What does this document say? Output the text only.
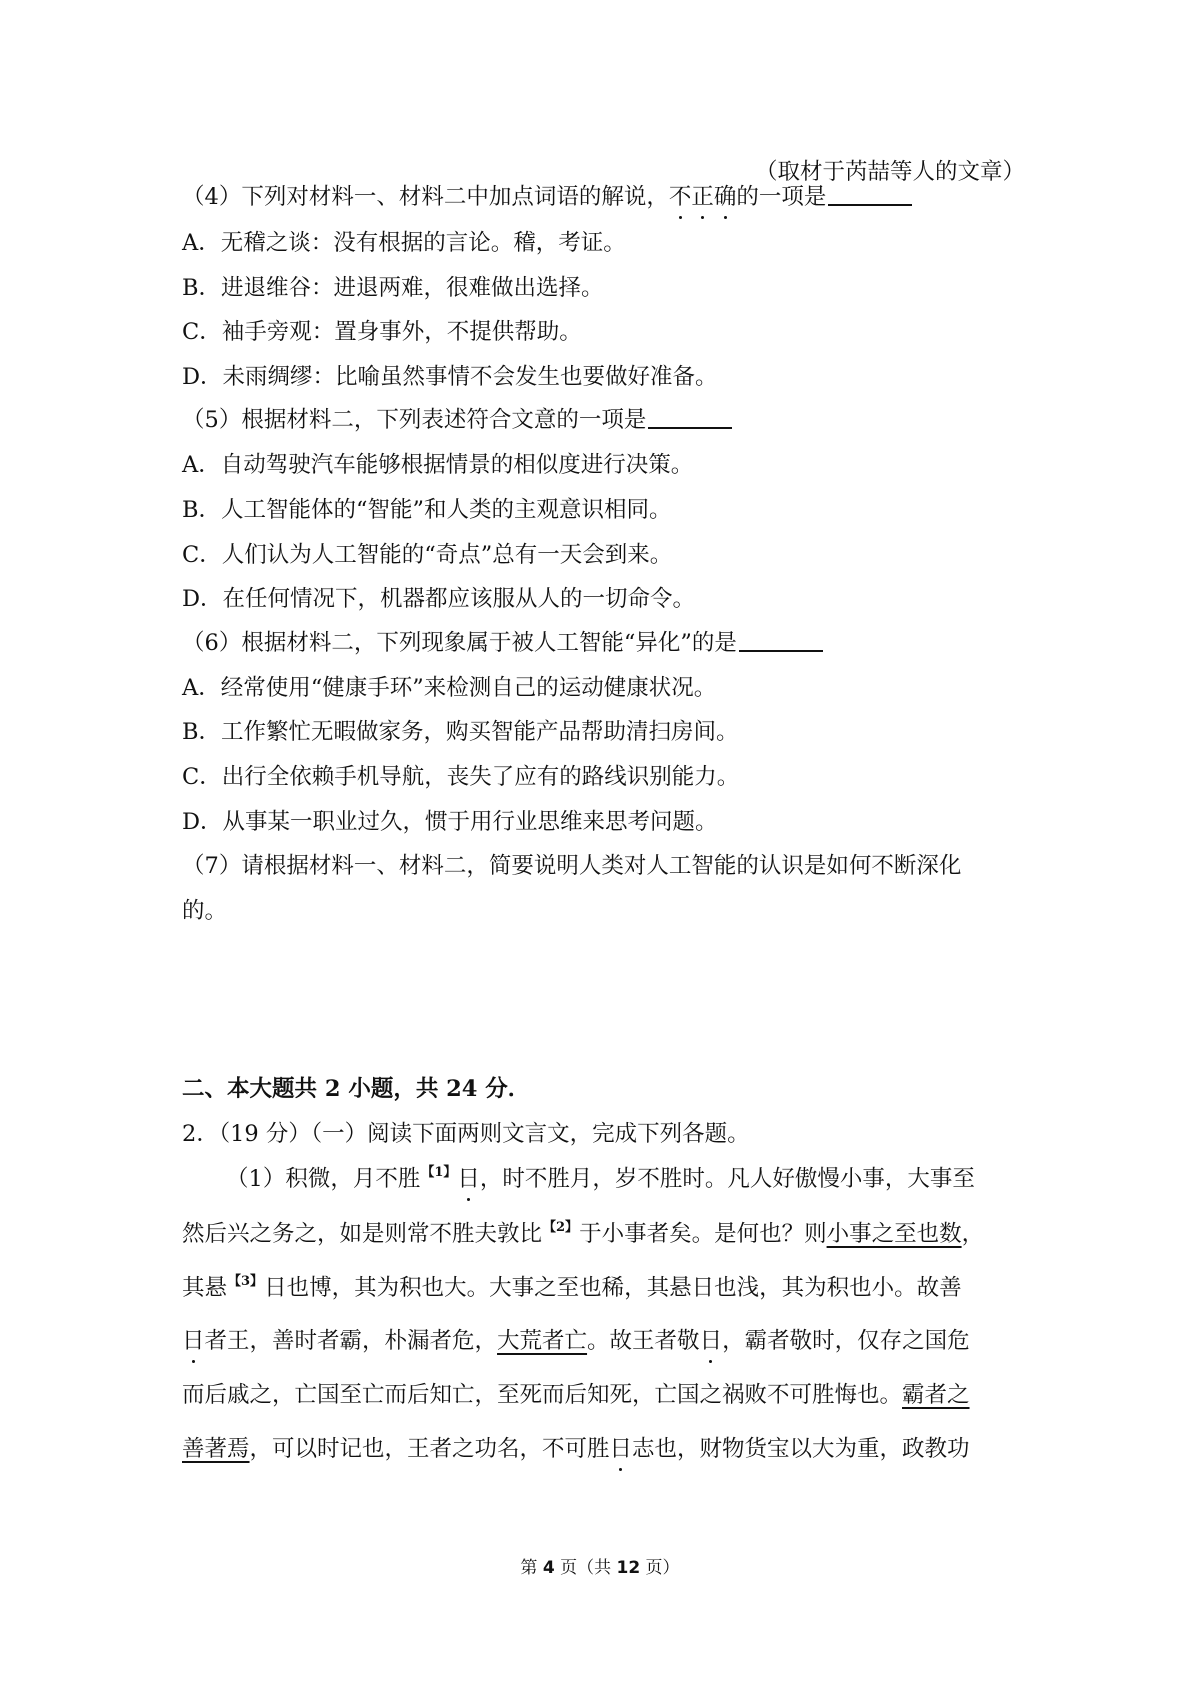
（取材于芮喆等人的文章）
（4）下列对材料一、材料二中加点词语的解说，不正确的一项是
A．无稽之谈：没有根据的言论。稽，考证。
B．进退维谷：进退两难，很难做出选择。
C．袖手旁观：置身事外，不提供帮助。
D．未雨绸缪：比喻虽然事情不会发生也要做好准备。
（5）根据材料二，下列表述符合文意的一项是
A．自动驾驶汽车能够根据情景的相似度进行决策。
B．人工智能体的“智能”和人类的主观意识相同。
C．人们认为人工智能的“奇点”总有一天会到来。
D．在任何情况下，机器都应该服从人的一切命令。
（6）根据材料二，下列现象属于被人工智能“异化”的是
A．经常使用“健康手环”来检测自己的运动健康状况。
B．工作繁忙无暇做家务，购买智能产品帮助清扫房间。
C．出行全依赖手机导航，丧失了应有的路线识别能力。
D．从事某一职业过久，惯于用行业思维来思考问题。
（7）请根据材料一、材料二，简要说明人类对人工智能的认识是如何不断深化
的。
二、本大题共 2 小题，共 24 分．
2．（19 分）（一）阅读下面两则文言文，完成下列各题。
（1）积微，月不胜$^{【1】}$日，时不胜月，岁不胜时。凡人好傲慢小事，大事至
然后兴之务之，如是则常不胜夫敦比$^{【2】}$于小事者矣。是何也？则小事之至也数，
其悬$^{【3】}$日也博，其为积也大。大事之至也稀，其悬日也浅，其为积也小。故善
日者王，善时者霸，朴漏者危，大荒者亡。故王者敬日，霸者敬时，仅存之国危
而后戚之，亡国至亡而后知亡，至死而后知死，亡国之祸败不可胜悔也。霸者之
善著焉，可以时记也，王者之功名，不可胜日志也，财物货宝以大为重，政教功
第 4 页（共 12 页）
